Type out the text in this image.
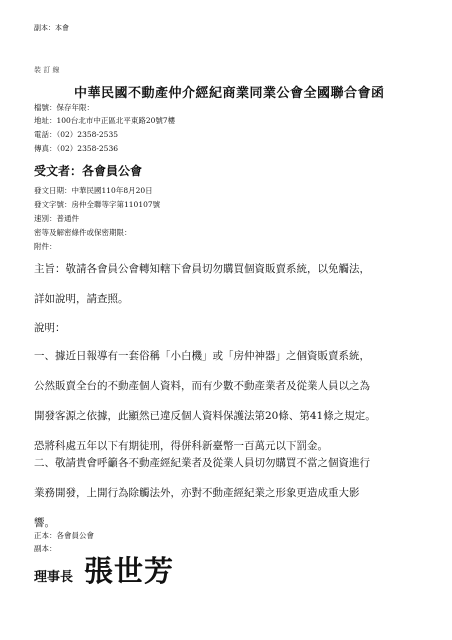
副本：本會
裝 訂 線
中華民國不動產仲介經紀商業同業公會全國聯合會函
檔號：保存年限：
地址：100台北市中正區北平東路20號7樓
電話：（02）2358-2535
傳真：（02）2358-2536
受文者：各會員公會
發文日期：中華民國110年8月20日
發文字號：房仲全聯等字第110107號
速別：普通件
密等及解密條件或保密期限：
附件：

主旨：敬請各會員公會轉知轄下會員切勿購買個資販賣系統，以免觸法，

詳如說明，請查照。

說明：

一、據近日報導有一套俗稱「小白機」或「房仲神器」之個資販賣系統，

公然販賣全台的不動產個人資料，而有少數不動產業者及從業人員以之為

開發客源之依據，此顯然已違反個人資料保護法第20條、第41條之規定。

恐將科處五年以下有期徒刑，得併科新臺幣一百萬元以下罰金。

二、敬請貴會呼籲各不動產經紀業者及從業人員切勿購買不當之個資進行

業務開發，上開行為除觸法外，亦對不動產經紀業之形象更造成重大影

響。

正本：各會員公會
副本：
理事長 張世芳
